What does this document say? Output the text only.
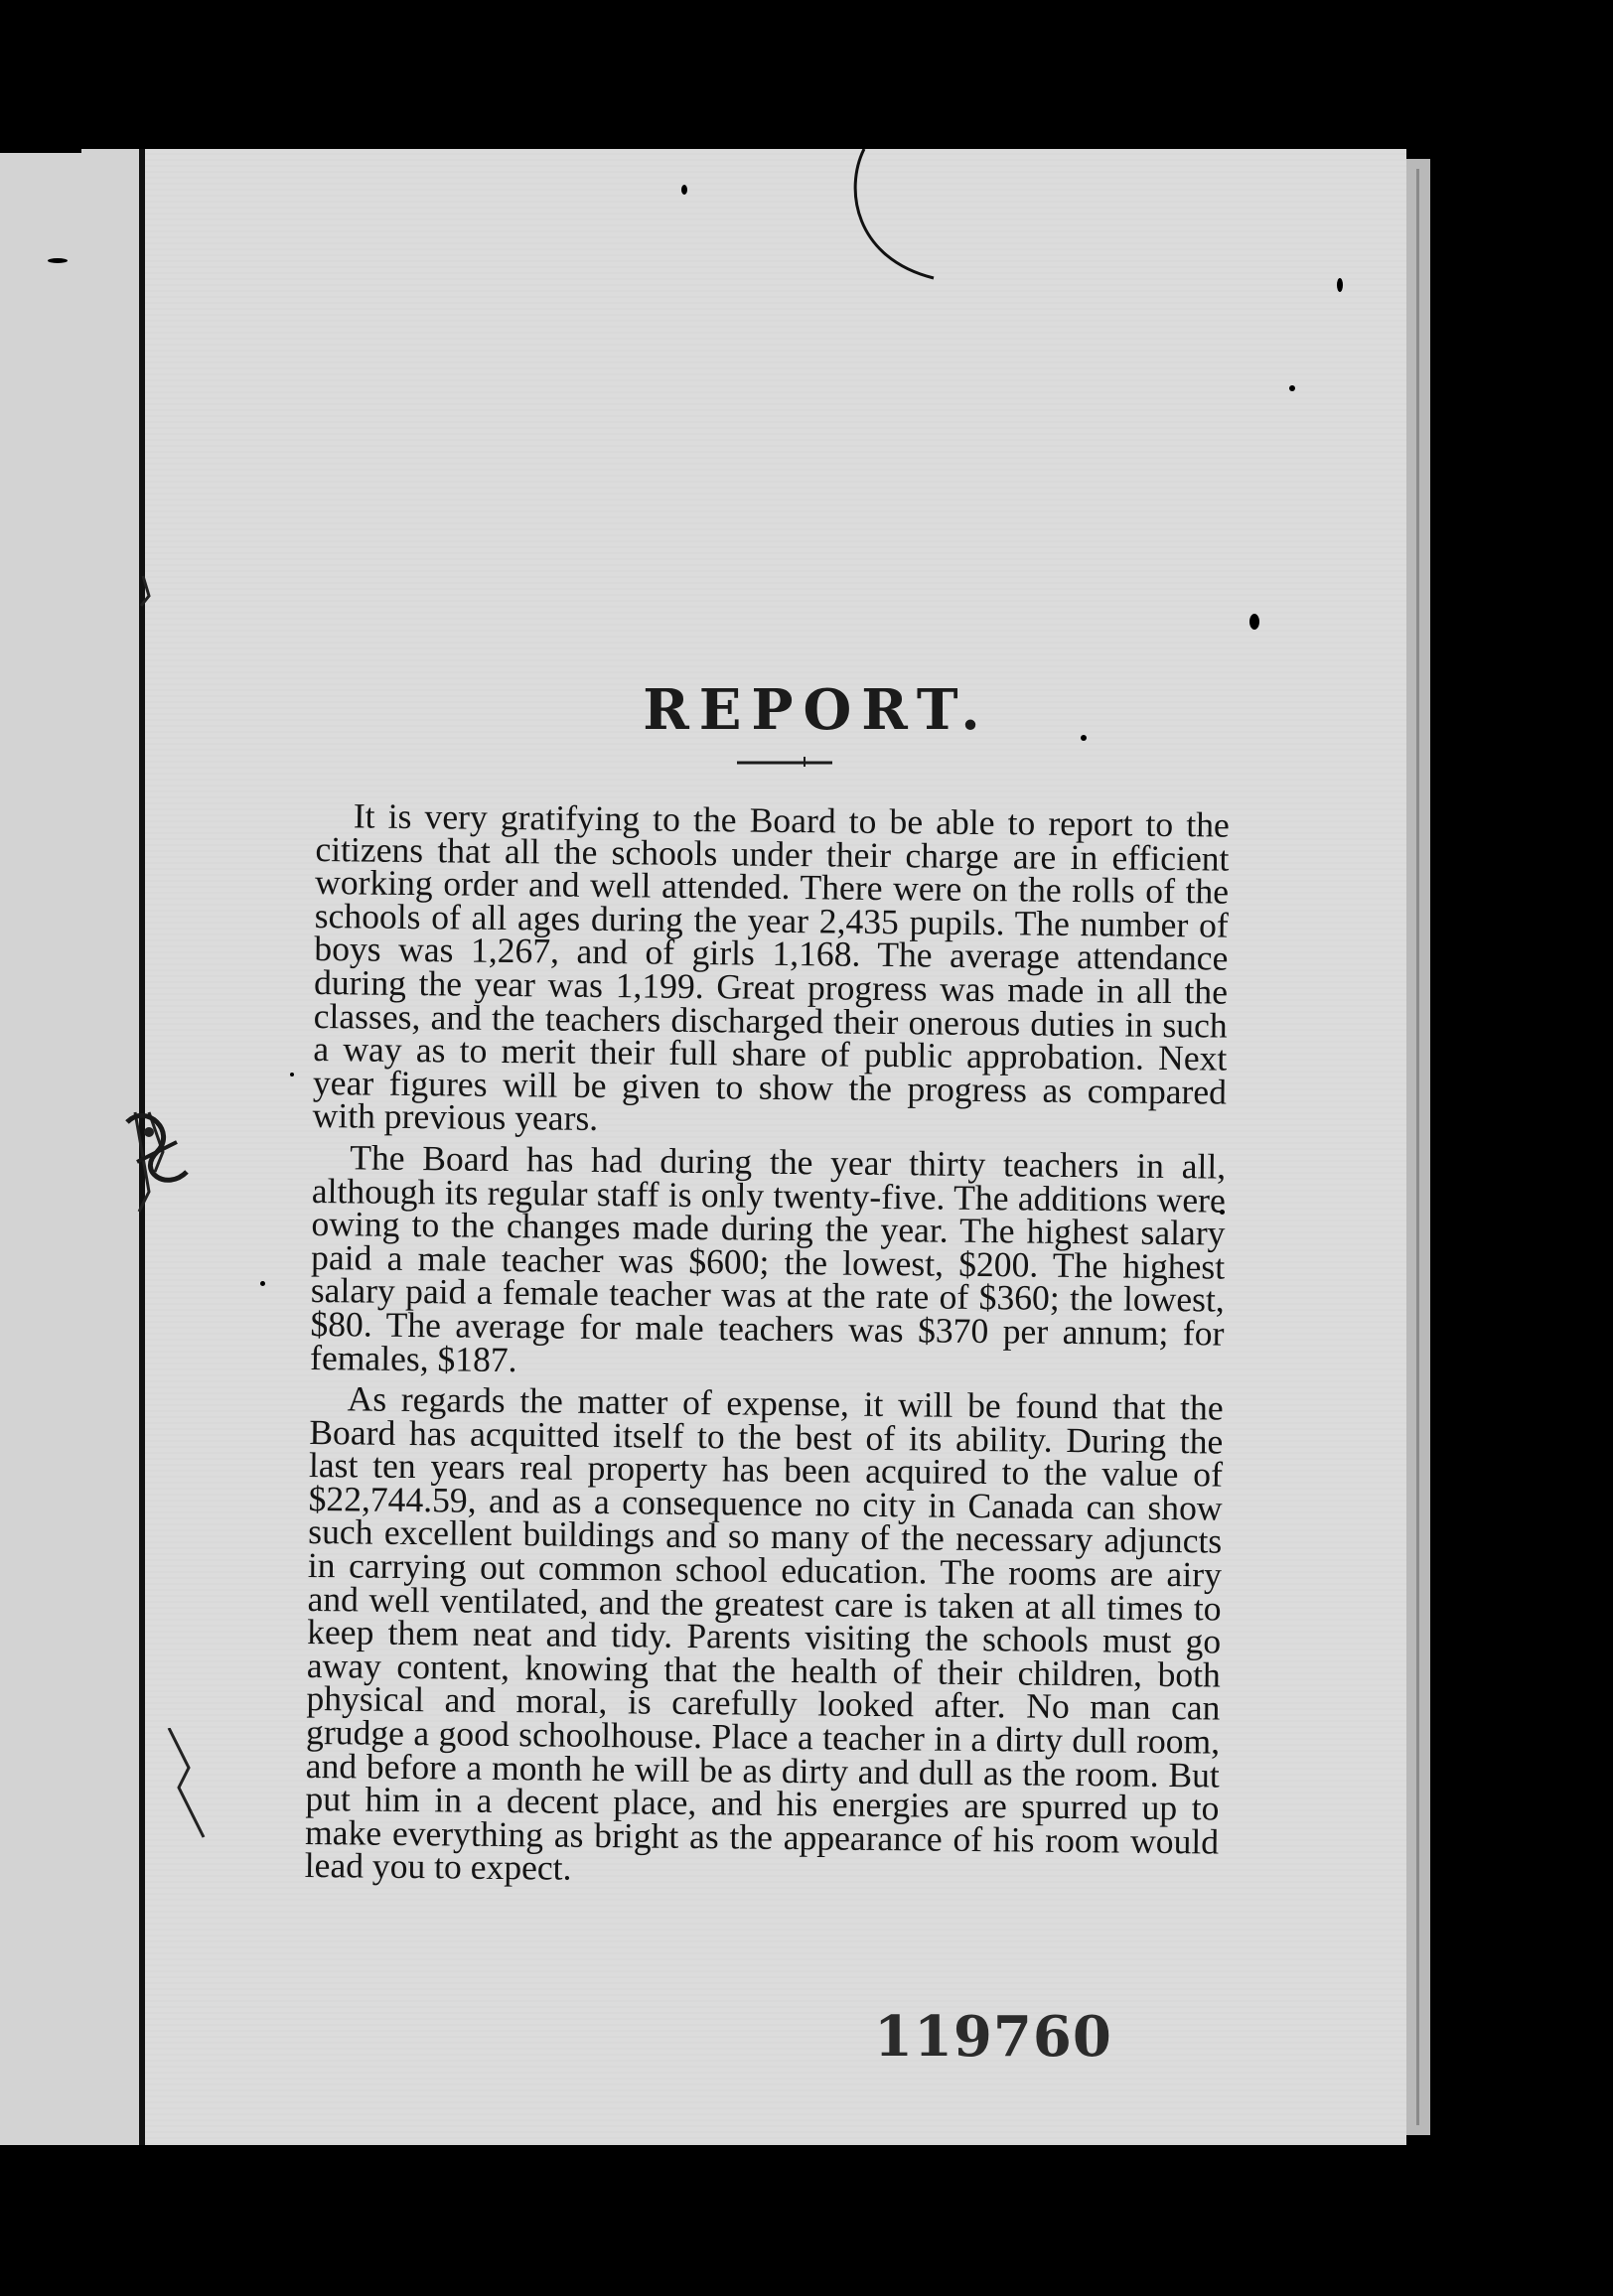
REPORT.

It is very gratifying to the Board to be able to report to the citizens that all the schools under their charge are in efficient working order and well attended. There were on the rolls of the schools of all ages during the year 2,435 pupils. The number of boys was 1,267, and of girls 1,168. The average attendance during the year was 1,199. Great progress was made in all the classes, and the teachers discharged their onerous duties in such a way as to merit their full share of public approbation. Next year figures will be given to show the progress as compared with previous years.

The Board has had during the year thirty teachers in all, although its regular staff is only twenty-five. The additions were owing to the changes made during the year. The highest salary paid a male teacher was $600; the lowest, $200. The highest salary paid a female teacher was at the rate of $360; the lowest, $80. The average for male teachers was $370 per annum; for females, $187.

As regards the matter of expense, it will be found that the Board has acquitted itself to the best of its ability. During the last ten years real property has been acquired to the value of $22,744.59, and as a consequence no city in Canada can show such excellent buildings and so many of the necessary adjuncts in carrying out common school education. The rooms are airy and well ventilated, and the greatest care is taken at all times to keep them neat and tidy. Parents visiting the schools must go away content, knowing that the health of their children, both physical and moral, is carefully looked after. No man can grudge a good schoolhouse. Place a teacher in a dirty dull room, and before a month he will be as dirty and dull as the room. But put him in a decent place, and his energies are spurred up to make everything as bright as the appearance of his room would lead you to expect.

119760
